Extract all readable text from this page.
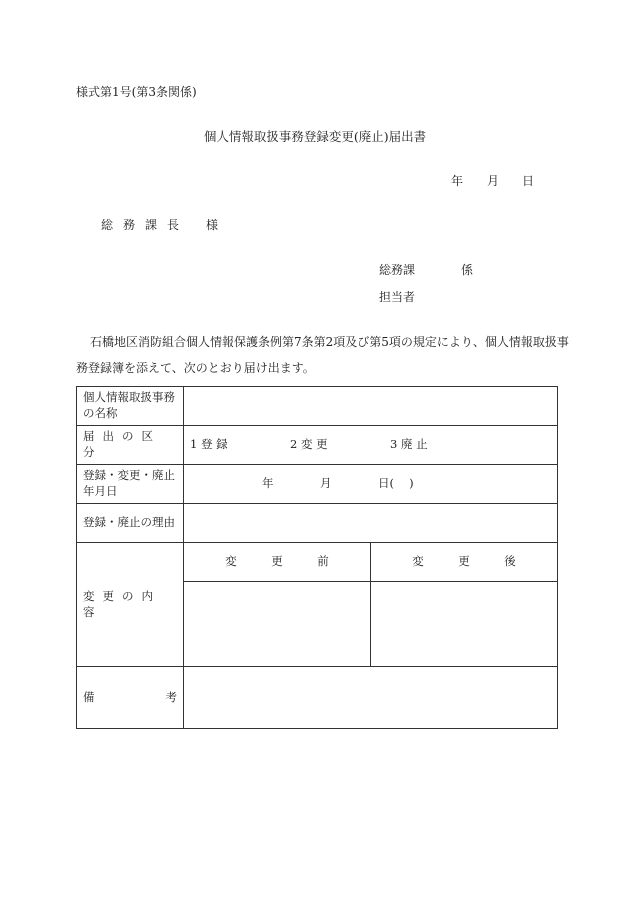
様式第1号(第3条関係)
個人情報取扱事務登録変更(廃止)届出書
年 月 日
総務課長 様
総務課	係
担当者
石橋地区消防組合個人情報保護条例第7条第2項及び第5項の規定により、個人情報取扱事
務登録簿を添えて、次のとおり届け出ます。
個人情報取扱事務の名称		
届出の区分	1 登 録 2 変 更 3 廃 止	
登録・変更・廃止年月日	年 月 日(　 )	
登録・廃止の理由		
変更の内容	変　　　更　　　前	変　　　更　　　後

備 考		
